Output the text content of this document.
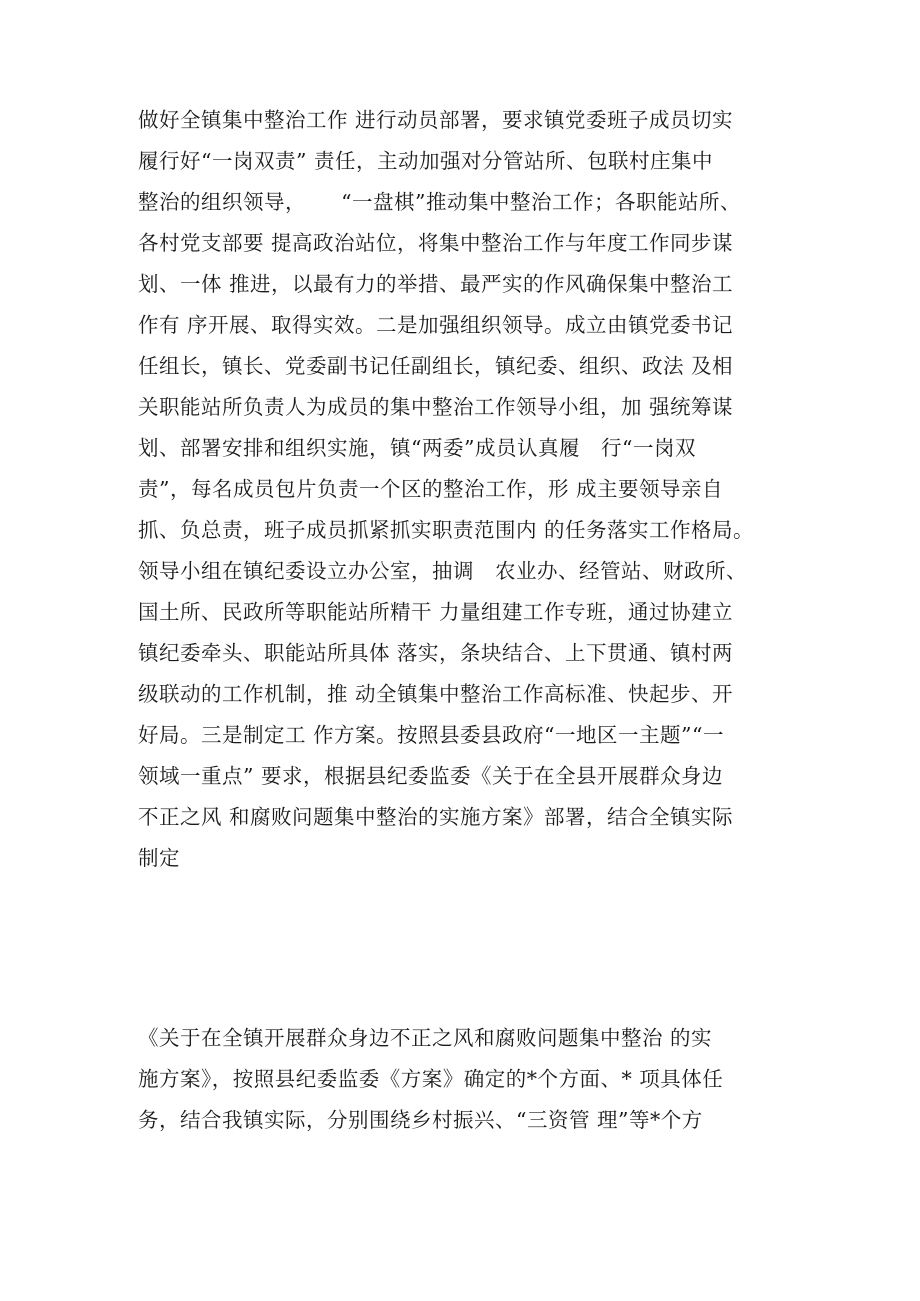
做好全镇集中整治工作 进行动员部署，要求镇党委班子成员切实
履行好“一岗双责” 责任，主动加强对分管站所、包联村庄集中
整治的组织领导，     “一盘棋”推动集中整治工作；各职能站所、
各村党支部要 提高政治站位，将集中整治工作与年度工作同步谋
划、一体 推进，以最有力的举措、最严实的作风确保集中整治工
作有 序开展、取得实效。二是加强组织领导。成立由镇党委书记
任组长，镇长、党委副书记任副组长，镇纪委、组织、政法 及相
关职能站所负责人为成员的集中整治工作领导小组，加 强统筹谋
划、部署安排和组织实施，镇“两委”成员认真履   行“一岗双
责”，每名成员包片负责一个区的整治工作，形 成主要领导亲自
抓、负总责，班子成员抓紧抓实职责范围内 的任务落实工作格局。
领导小组在镇纪委设立办公室，抽调   农业办、经管站、财政所、
国土所、民政所等职能站所精干 力量组建工作专班，通过协建立
镇纪委牵头、职能站所具体 落实，条块结合、上下贯通、镇村两
级联动的工作机制，推 动全镇集中整治工作高标准、快起步、开
好局。三是制定工 作方案。按照县委县政府“一地区一主题”“一
领域一重点” 要求，根据县纪委监委《关于在全县开展群众身边
不正之风 和腐败问题集中整治的实施方案》部署，结合全镇实际
制定
《关于在全镇开展群众身边不正之风和腐败问题集中整治 的实
施方案》，按照县纪委监委《方案》确定的*个方面、* 项具体任
务，结合我镇实际，分别围绕乡村振兴、“三资管 理”等*个方
